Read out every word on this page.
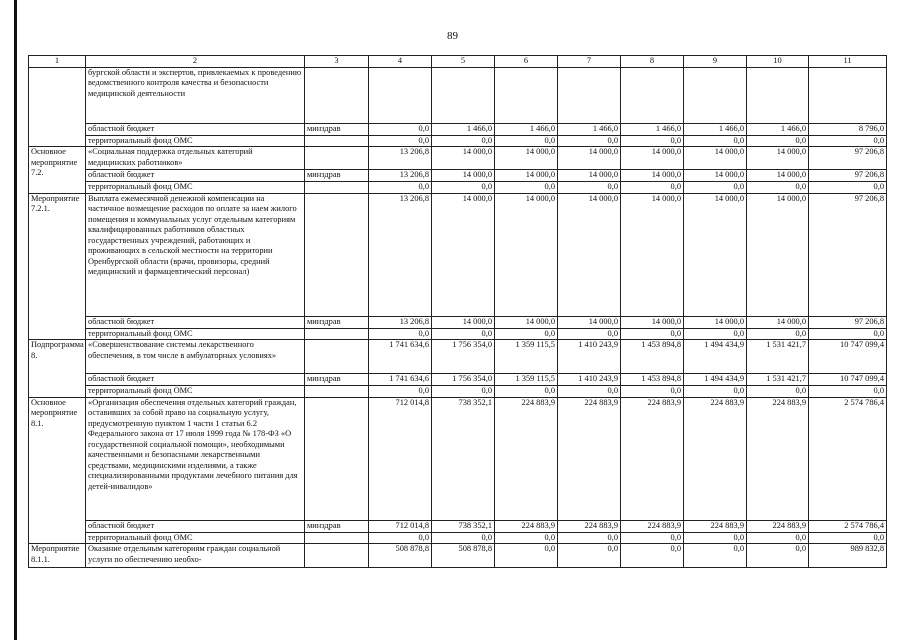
89
1	2	3	4	5	6	7	8	9	10	11
	бургской области и экспертов, привлекаемых к проведению ведомственного контроля качества и безопасности медицинской деятельности									
	областной бюджет	минздрав	0,0	1 466,0	1 466,0	1 466,0	1 466,0	1 466,0	1 466,0	8 796,0
	территориальный фонд ОМС		0,0	0,0	0,0	0,0	0,0	0,0	0,0	0,0
Основное мероприятие 7.2.	«Социальная поддержка отдельных категорий медицинских работников»		13 206,8	14 000,0	14 000,0	14 000,0	14 000,0	14 000,0	14 000,0	97 206,8
	областной бюджет	минздрав	13 206,8	14 000,0	14 000,0	14 000,0	14 000,0	14 000,0	14 000,0	97 206,8
	территориальный фонд ОМС		0,0	0,0	0,0	0,0	0,0	0,0	0,0	0,0
Мероприятие 7.2.1.	Выплата ежемесячной денежной компенсации на частичное возмещение расходов по оплате за наем жилого помещения и коммунальных услуг отдельным категориям квалифицированных работников областных государственных учреждений, работающих и проживающих в сельской местности на территории Оренбургской области (врачи, провизоры, средний медицинский и фармацевтический персонал)		13 206,8	14 000,0	14 000,0	14 000,0	14 000,0	14 000,0	14 000,0	97 206,8
	областной бюджет	минздрав	13 206,8	14 000,0	14 000,0	14 000,0	14 000,0	14 000,0	14 000,0	97 206,8
	территориальный фонд ОМС		0,0	0,0	0,0	0,0	0,0	0,0	0,0	0,0
Подпрограмма 8.	«Совершенствование системы лекарственного обеспечения, в том числе в амбулаторных условиях»		1 741 634,6	1 756 354,0	1 359 115,5	1 410 243,9	1 453 894,8	1 494 434,9	1 531 421,7	10 747 099,4
	областной бюджет	минздрав	1 741 634,6	1 756 354,0	1 359 115,5	1 410 243,9	1 453 894,8	1 494 434,9	1 531 421,7	10 747 099,4
	территориальный фонд ОМС		0,0	0,0	0,0	0,0	0,0	0,0	0,0	0,0
Основное мероприятие 8.1.	«Организация обеспечения отдельных категорий граждан, оставивших за собой право на социальную услугу, предусмотренную пунктом 1 части 1 статьи 6.2 Федерального закона от 17 июля 1999 года № 178-ФЗ «О государственной социальной помощи», необходимыми качественными и безопасными лекарственными средствами, медицинскими изделиями, а также специализированными продуктами лечебного питания для детей-инвалидов»		712 014,8	738 352,1	224 883,9	224 883,9	224 883,9	224 883,9	224 883,9	2 574 786,4
	областной бюджет	минздрав	712 014,8	738 352,1	224 883,9	224 883,9	224 883,9	224 883,9	224 883,9	2 574 786,4
	территориальный фонд ОМС		0,0	0,0	0,0	0,0	0,0	0,0	0,0	0,0
Мероприятие 8.1.1.	Оказание отдельным категориям граждан социальной услуги по обеспечению необхо-		508 878,8	508 878,8	0,0	0,0	0,0	0,0	0,0	989 832,8
